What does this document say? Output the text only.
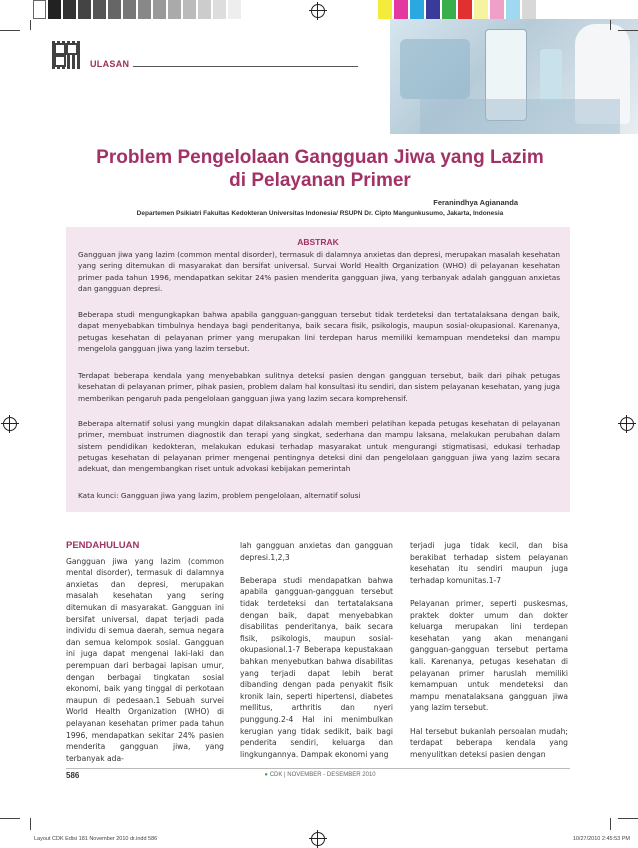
ULASAN
Problem Pengelolaan Gangguan Jiwa yang Lazim
di Pelayanan Primer
Feranindhya Agiananda
Departemen Psikiatri Fakultas Kedokteran Universitas Indonesia/ RSUPN Dr. Cipto Mangunkusumo, Jakarta, Indonesia
ABSTRAK

Gangguan jiwa yang lazim (common mental disorder), termasuk di dalamnya anxietas dan depresi, merupakan masalah kesehatan yang sering ditemukan di masyarakat dan bersifat universal. Survai World Health Organization (WHO) di pelayanan kesehatan primer pada tahun 1996, mendapatkan sekitar 24% pasien menderita gangguan jiwa, yang terbanyak adalah gangguan anxietas dan gangguan depresi.

Beberapa studi mengungkapkan bahwa apabila gangguan-gangguan tersebut tidak terdeteksi dan tertatalaksana dengan baik, dapat menyebabkan timbulnya hendaya bagi penderitanya, baik secara fisik, psikologis, maupun sosial-okupasional. Karenanya, petugas kesehatan di pelayanan primer yang merupakan lini terdepan harus memiliki kemampuan mendeteksi dan mampu mengelola gangguan jiwa yang lazim tersebut.

Terdapat beberapa kendala yang menyebabkan sulitnya deteksi pasien dengan gangguan tersebut, baik dari pihak petugas kesehatan di pelayanan primer, pihak pasien, problem dalam hal konsultasi itu sendiri, dan sistem pelayanan kesehatan, yang juga memberikan pengaruh pada pengelolaan gangguan jiwa yang lazim secara komprehensif.

Beberapa alternatif solusi yang mungkin dapat dilaksanakan adalah memberi pelatihan kepada petugas kesehatan di pelayanan primer, membuat instrumen diagnostik dan terapi yang singkat, sederhana dan mampu laksana, melakukan perubahan dalam sistem pendidikan kedokteran, melakukan edukasi terhadap masyarakat untuk mengurangi stigmatisasi, edukasi terhadap petugas kesehatan di pelayanan primer mengenai pentingnya deteksi dini dan pengelolaan gangguan jiwa yang lazim secara adekuat, dan mengembangkan riset untuk advokasi kebijakan pemerintah

Kata kunci: Gangguan jiwa yang lazim, problem pengelolaan, alternatif solusi

PENDAHULUAN

Gangguan jiwa yang lazim (common mental disorder), termasuk di dalamnya anxietas dan depresi, merupakan masalah kesehatan yang sering ditemukan di masyarakat. Gangguan ini bersifat universal, dapat terjadi pada individu di semua daerah, semua negara dan semua kelompok sosial. Gangguan ini juga dapat mengenai laki-laki dan perempuan dari berbagai lapisan umur, dengan berbagai tingkatan sosial ekonomi, baik yang tinggal di perkotaan maupun di pedesaan.1 Sebuah survei World Health Organization (WHO) di pelayanan kesehatan primer pada tahun 1996, mendapatkan sekitar 24% pasien menderita gangguan jiwa, yang terbanyak ada-

lah gangguan anxietas dan gangguan depresi.1,2,3

Beberapa studi mendapatkan bahwa apabila gangguan-gangguan tersebut tidak terdeteksi dan tertatalaksana dengan baik, dapat menyebabkan disabilitas penderitanya, baik secara fisik, psikologis, maupun sosial-okupasional.1-7 Beberapa kepustakaan bahkan menyebutkan bahwa disabilitas yang terjadi dapat lebih berat dibanding dengan pada penyakit fisik kronik lain, seperti hipertensi, diabetes mellitus, arthritis dan nyeri punggung.2-4 Hal ini menimbulkan kerugian yang tidak sedikit, baik bagi penderita sendiri, keluarga dan lingkungannya. Dampak ekonomi yang

terjadi juga tidak kecil, dan bisa berakibat terhadap sistem pelayanan kesehatan itu sendiri maupun juga terhadap komunitas.1-7

Pelayanan primer, seperti puskesmas, praktek dokter umum dan dokter keluarga merupakan lini terdepan kesehatan yang akan menangani gangguan-gangguan tersebut pertama kali. Karenanya, petugas kesehatan di pelayanan primer haruslah memiliki kemampuan untuk mendeteksi dan mampu menatalaksana gangguan jiwa yang lazim tersebut.

Hal tersebut bukanlah persoalan mudah; terdapat beberapa kendala yang menyulitkan deteksi pasien dengan

586	● CDK | NOVEMBER - DESEMBER 2010
Layout CDK Edisi 181 November 2010 dr.indd 586	10/27/2010 2:45:53 PM
